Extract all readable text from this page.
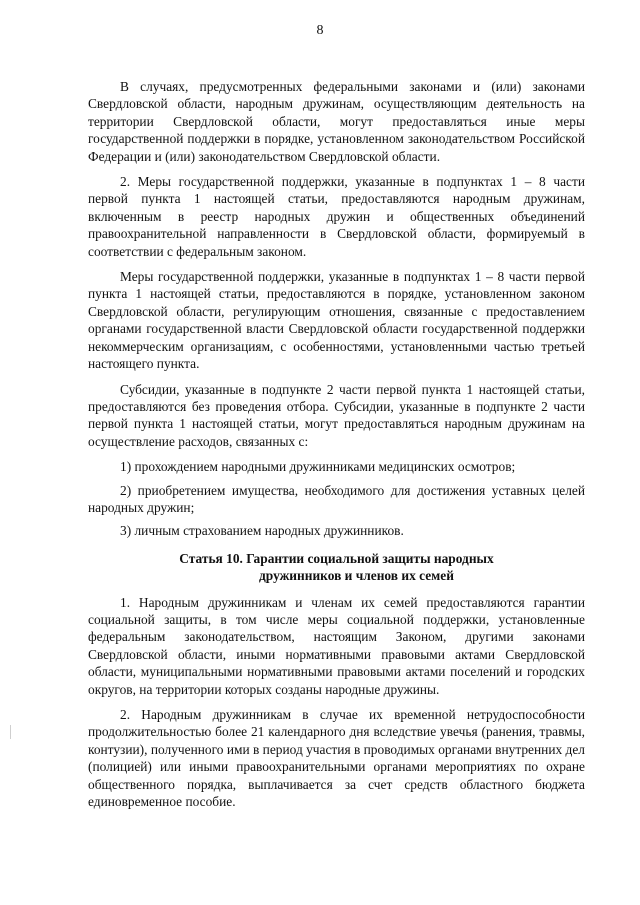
8

В случаях, предусмотренных федеральными законами и (или) законами Свердловской области, народным дружинам, осуществляющим деятельность на территории Свердловской области, могут предоставляться иные меры государственной поддержки в порядке, установленном законодательством Российской Федерации и (или) законодательством Свердловской области.

2. Меры государственной поддержки, указанные в подпунктах 1 – 8 части первой пункта 1 настоящей статьи, предоставляются народным дружинам, включенным в реестр народных дружин и общественных объединений правоохранительной направленности в Свердловской области, формируемый в соответствии с федеральным законом.

Меры государственной поддержки, указанные в подпунктах 1 – 8 части первой пункта 1 настоящей статьи, предоставляются в порядке, установленном законом Свердловской области, регулирующим отношения, связанные с предоставлением органами государственной власти Свердловской области государственной поддержки некоммерческим организациям, с особенностями, установленными частью третьей настоящего пункта.

Субсидии, указанные в подпункте 2 части первой пункта 1 настоящей статьи, предоставляются без проведения отбора. Субсидии, указанные в подпункте 2 части первой пункта 1 настоящей статьи, могут предоставляться народным дружинам на осуществление расходов, связанных с:

1) прохождением народными дружинниками медицинских осмотров;

2) приобретением имущества, необходимого для достижения уставных целей народных дружин;

3) личным страхованием народных дружинников.

Статья 10. Гарантии социальной защиты народных
дружинников и членов их семей

1. Народным дружинникам и членам их семей предоставляются гарантии социальной защиты, в том числе меры социальной поддержки, установленные федеральным законодательством, настоящим Законом, другими законами Свердловской области, иными нормативными правовыми актами Свердловской области, муниципальными нормативными правовыми актами поселений и городских округов, на территории которых созданы народные дружины.

2. Народным дружинникам в случае их временной нетрудоспособности продолжительностью более 21 календарного дня вследствие увечья (ранения, травмы, контузии), полученного ими в период участия в проводимых органами внутренних дел (полицией) или иными правоохранительными органами мероприятиях по охране общественного порядка, выплачивается за счет средств областного бюджета единовременное пособие.
